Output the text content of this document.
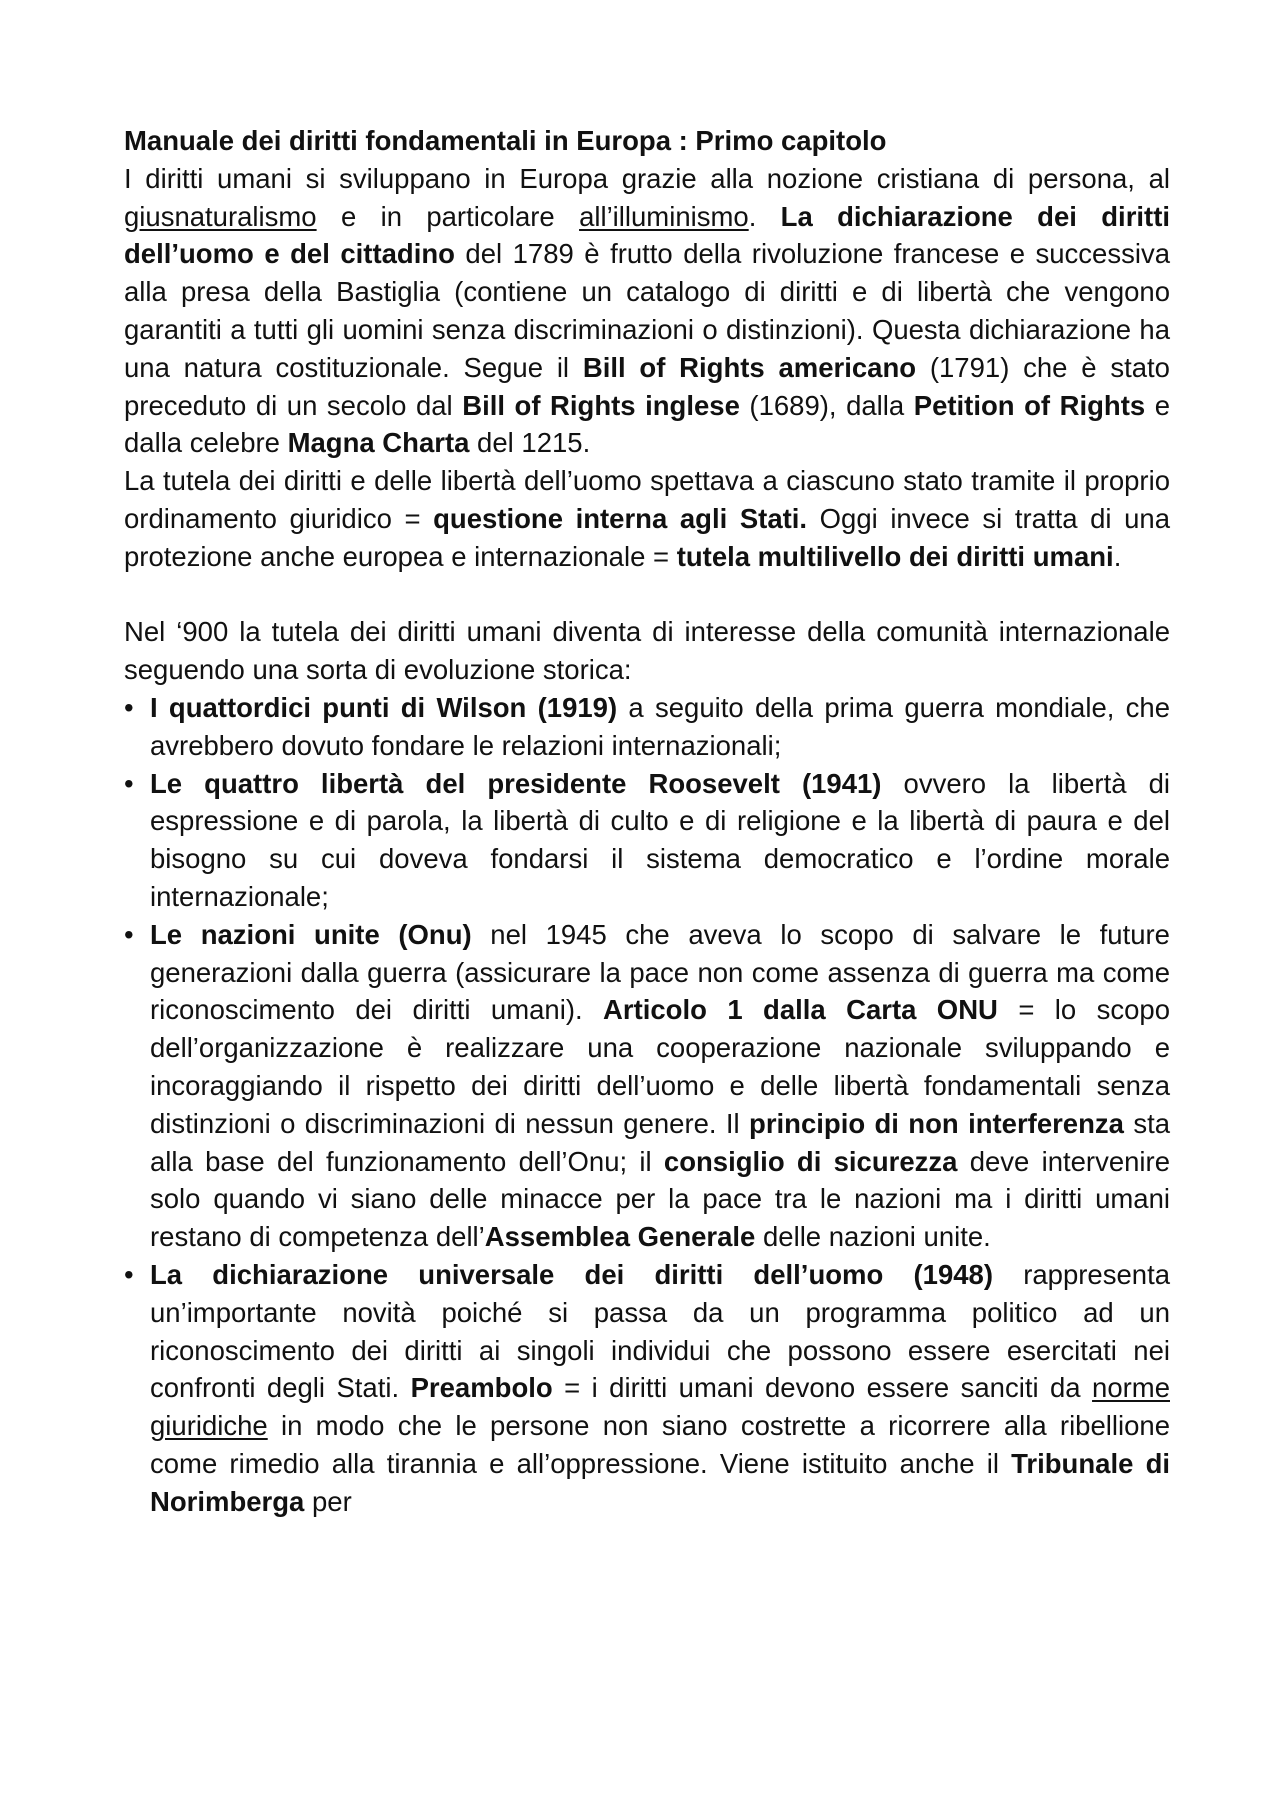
Manuale dei diritti fondamentali in Europa : Primo capitolo

I diritti umani si sviluppano in Europa grazie alla nozione cristiana di persona, al giusnaturalismo e in particolare all’illuminismo. La dichiarazione dei diritti dell’uomo e del cittadino del 1789 è frutto della rivoluzione francese e successiva alla presa della Bastiglia (contiene un catalogo di diritti e di libertà che vengono garantiti a tutti gli uomini senza discriminazioni o distinzioni). Questa dichiarazione ha una natura costituzionale. Segue il Bill of Rights americano (1791) che è stato preceduto di un secolo dal Bill of Rights inglese (1689), dalla Petition of Rights e dalla celebre Magna Charta del 1215.

La tutela dei diritti e delle libertà dell’uomo spettava a ciascuno stato tramite il proprio ordinamento giuridico = questione interna agli Stati. Oggi invece si tratta di una protezione anche europea e internazionale = tutela multilivello dei diritti umani.

Nel ‘900 la tutela dei diritti umani diventa di interesse della comunità internazionale seguendo una sorta di evoluzione storica:

• I quattordici punti di Wilson (1919) a seguito della prima guerra mondiale, che avrebbero dovuto fondare le relazioni internazionali;
• Le quattro libertà del presidente Roosevelt (1941) ovvero la libertà di espressione e di parola, la libertà di culto e di religione e la libertà di paura e del bisogno su cui doveva fondarsi il sistema democratico e l’ordine morale internazionale;
• Le nazioni unite (Onu) nel 1945 che aveva lo scopo di salvare le future generazioni dalla guerra (assicurare la pace non come assenza di guerra ma come riconoscimento dei diritti umani). Articolo 1 dalla Carta ONU = lo scopo dell’organizzazione è realizzare una cooperazione nazionale sviluppando e incoraggiando il rispetto dei diritti dell’uomo e delle libertà fondamentali senza distinzioni o discriminazioni di nessun genere. Il principio di non interferenza sta alla base del funzionamento dell’Onu; il consiglio di sicurezza deve intervenire solo quando vi siano delle minacce per la pace tra le nazioni ma i diritti umani restano di competenza dell’Assemblea Generale delle nazioni unite.
• La dichiarazione universale dei diritti dell’uomo (1948) rappresenta un’importante novità poiché si passa da un programma politico ad un riconoscimento dei diritti ai singoli individui che possono essere esercitati nei confronti degli Stati. Preambolo = i diritti umani devono essere sanciti da norme giuridiche in modo che le persone non siano costrette a ricorrere alla ribellione come rimedio alla tirannia e all’oppressione. Viene istituito anche il Tribunale di Norimberga per
